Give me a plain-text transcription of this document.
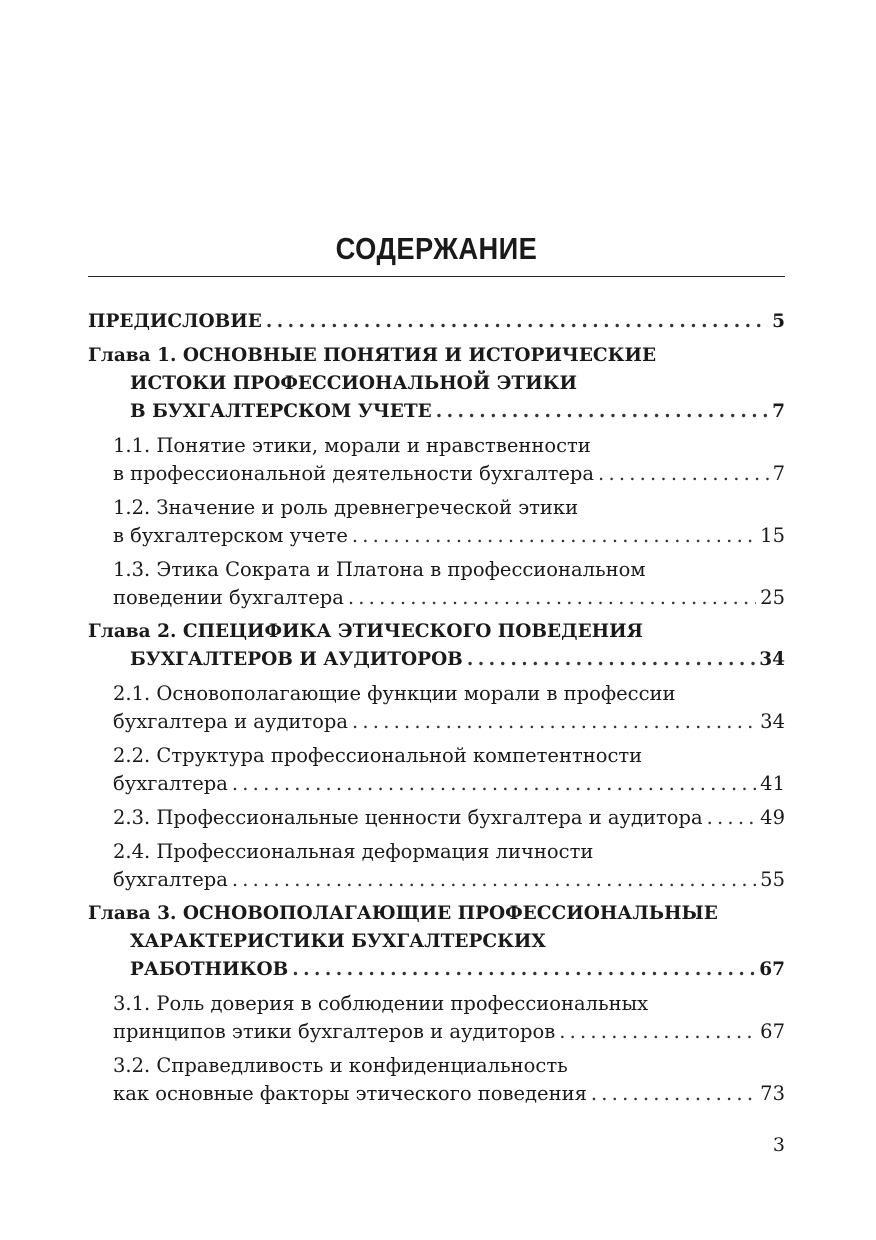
СОДЕРЖАНИЕ
ПРЕДИСЛОВИЕ . . .	5
Глава 1. ОСНОВНЫЕ ПОНЯТИЯ И ИСТОРИЧЕСКИЕ
ИСТОКИ ПРОФЕССИОНАЛЬНОЙ ЭТИКИ
В БУХГАЛТЕРСКОМ УЧЕТЕ . . .	7
1.1. Понятие этики, морали и нравственности
в профессиональной деятельности бухгалтера . . .	7
1.2. Значение и роль древнегреческой этики
в бухгалтерском учете . . .	15
1.3. Этика Сократа и Платона в профессиональном
поведении бухгалтера . . .	25
Глава 2. СПЕЦИФИКА ЭТИЧЕСКОГО ПОВЕДЕНИЯ
БУХГАЛТЕРОВ И АУДИТОРОВ . . .	34
2.1. Основополагающие функции морали в профессии
бухгалтера и аудитора . . .	34
2.2. Структура профессиональной компетентности
бухгалтера . . .	41
2.3. Профессиональные ценности бухгалтера и аудитора . . .	49
2.4. Профессиональная деформация личности
бухгалтера . . .	55
Глава 3. ОСНОВОПОЛАГАЮЩИЕ ПРОФЕССИОНАЛЬНЫЕ
ХАРАКТЕРИСТИКИ БУХГАЛТЕРСКИХ
РАБОТНИКОВ . . .	67
3.1. Роль доверия в соблюдении профессиональных
принципов этики бухгалтеров и аудиторов . . .	67
3.2. Справедливость и конфиденциальность
как основные факторы этического поведения . . .	73
3
